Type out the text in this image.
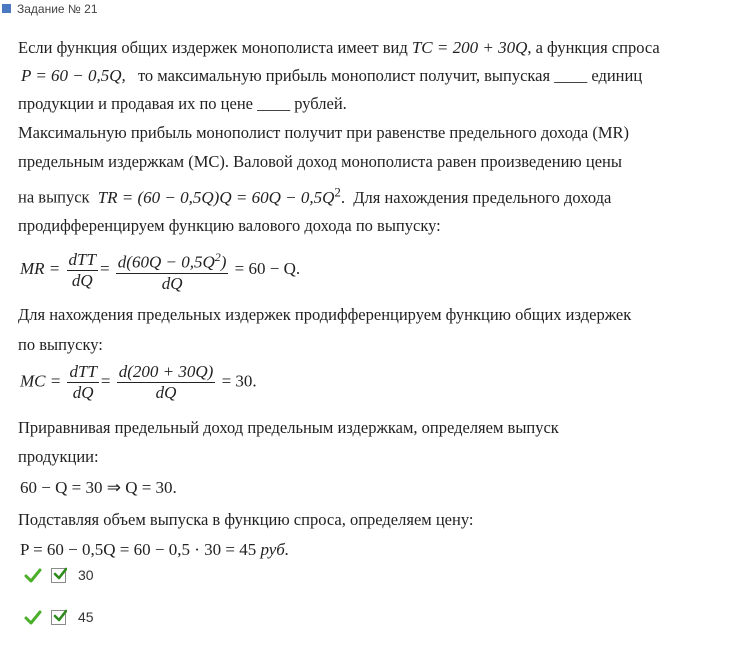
Задание № 21
Если функция общих издержек монополиста имеет вид TC = 200 + 30Q, а функция спроса
P = 60 − 0,5Q, то максимальную прибыль монополист получит, выпуская ____ единиц
продукции и продавая их по цене ____ рублей.
Максимальную прибыль монополист получит при равенстве предельного дохода (MR)
предельным издержкам (МС). Валовой доход монополиста равен произведению цены
на выпуск TR = $(60 - 0,5Q)Q = 60Q - 0,5Q^2$. Для нахождения предельного дохода
продифференцируем функцию валового дохода по выпуску:
MR = $\frac{\text{dTT}}{dQ} = \frac{d(60Q - 0,5Q^2)}{dQ} = 60 - Q$.
Для нахождения предельных издержек продифференцируем функцию общих издержек
по выпуску:
MC = $\frac{\text{dTT}}{dQ} = \frac{d(200 + 30Q)}{dQ} = 30$.
Приравнивая предельный доход предельным издержкам, определяем выпуск
продукции:
60 − Q = 30 ⇒ Q = 30.
Подставляя объем выпуска в функцию спроса, определяем цену:
P = 60 − 0,5Q = 60 − 0,5 · 30 = 45 руб.
30
45
